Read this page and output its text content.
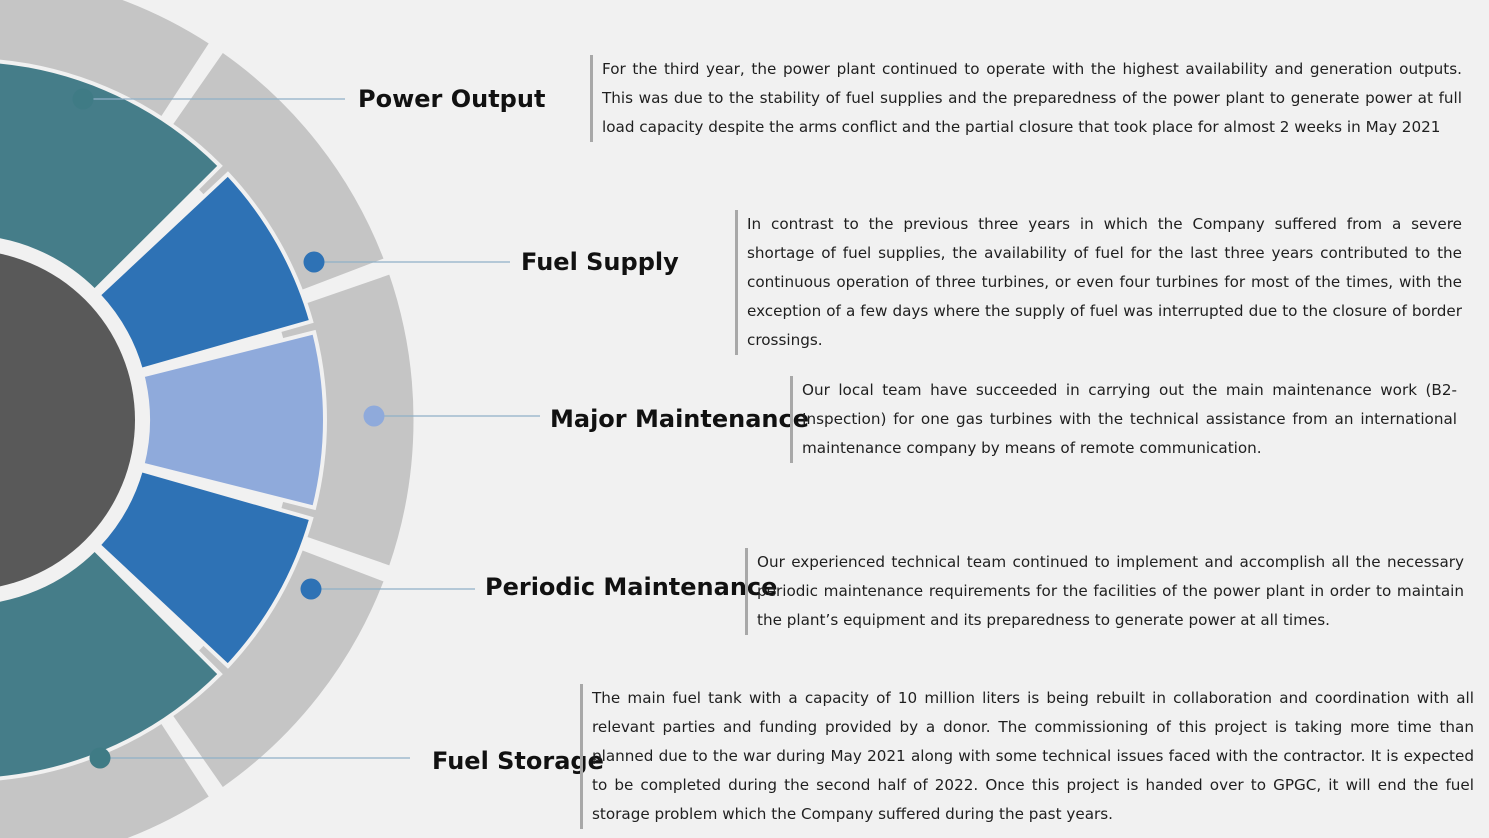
Power Output
For the third year, the power plant continued to operate with the highest availability and generation outputs. This was due to the stability of fuel supplies and the preparedness of the power plant to generate power at full load capacity despite the arms conflict and the partial closure that took place for almost 2 weeks in May 2021
Fuel Supply
In contrast to the previous three years in which the Company suffered from a severe shortage of fuel supplies, the availability of fuel for the last three years contributed to the continuous operation of three turbines, or even four turbines for most of the times, with the exception of a few days where the supply of fuel was interrupted due to the closure of border crossings.
Major Maintenance
Our local team have succeeded in carrying out the main maintenance work (B2-Inspection) for one gas turbines with the technical assistance from an international maintenance company by means of remote communication.
Periodic Maintenance
Our experienced technical team continued to implement and accomplish all the necessary periodic maintenance requirements for the facilities of the power plant in order to maintain the plant’s equipment and its preparedness to generate power at all times.
Fuel Storage
The main fuel tank with a capacity of 10 million liters is being rebuilt in collaboration and coordination with all relevant parties and funding provided by a donor. The commissioning of this project is taking more time than planned due to the war during May 2021 along with some technical issues faced with the contractor. It is expected to be completed during the second half of 2022. Once this project is handed over to GPGC, it will end the fuel storage problem which the Company suffered during the past years.
